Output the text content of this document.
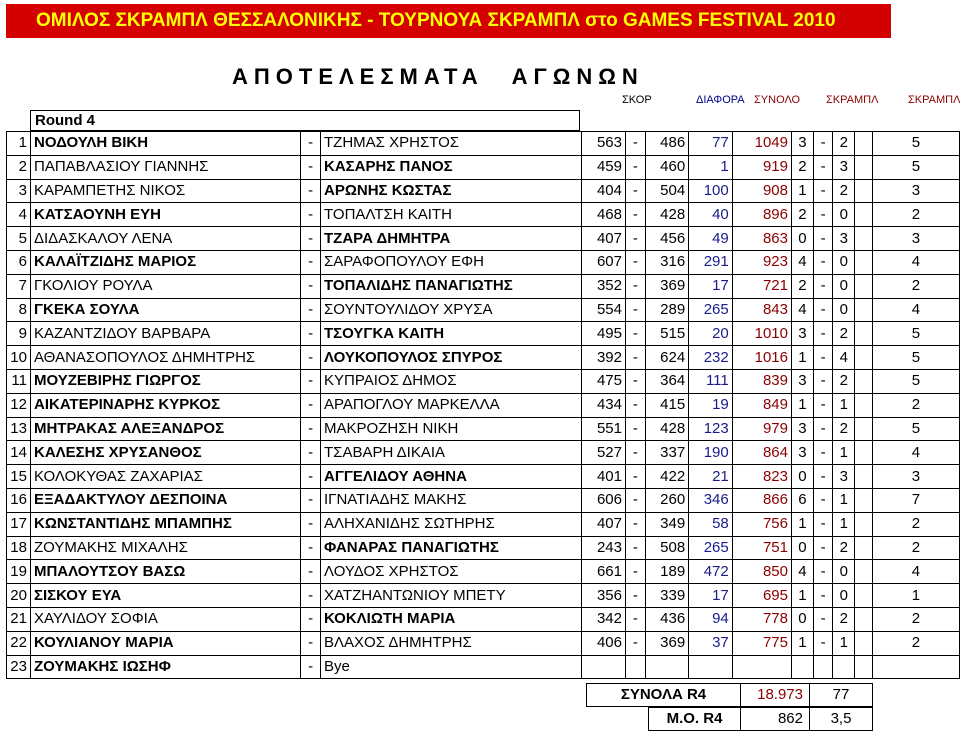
ΟΜΙΛΟΣ ΣΚΡΑΜΠΛ ΘΕΣΣΑΛΟΝΙΚΗΣ - ΤΟΥΡΝΟΥΑ ΣΚΡΑΜΠΛ στο GAMES FESTIVAL 2010
ΑΠΟΤΕΛΕΣΜΑΤΑ ΑΓΩΝΩΝ
ΣΚΟΡ	ΔΙΑΦΟΡΑ ΣΥΝΟΛΟ ΣΚΡΑΜΠΛ	ΣΚΡΑΜΠΛ
Round 4
1	ΝΟΔΟΥΛΗ ΒΙΚΗ	-	ΤΖΗΜΑΣ ΧΡΗΣΤΟΣ	563	-	486	77	1049	3	-	2		5
2	ΠΑΠΑΒΛΑΣΙΟΥ ΓΙΑΝΝΗΣ	-	ΚΑΣΑΡΗΣ ΠΑΝΟΣ	459	-	460	1	919	2	-	3		5
3	ΚΑΡΑΜΠΕΤΗΣ ΝΙΚΟΣ	-	ΑΡΩΝΗΣ ΚΩΣΤΑΣ	404	-	504	100	908	1	-	2		3
4	ΚΑΤΣΑΟΥΝΗ ΕΥΗ	-	ΤΟΠΑΛΤΣΗ ΚΑΙΤΗ	468	-	428	40	896	2	-	0		2
5	ΔΙΔΑΣΚΑΛΟΥ ΛΕΝΑ	-	ΤΖΑΡΑ ΔΗΜΗΤΡΑ	407	-	456	49	863	0	-	3		3
6	ΚΑΛΑΪΤΖΙΔΗΣ ΜΑΡΙΟΣ	-	ΣΑΡΑΦΟΠΟΥΛΟΥ ΕΦΗ	607	-	316	291	923	4	-	0		4
7	ΓΚΟΛΙΟΥ ΡΟΥΛΑ	-	ΤΟΠΑΛΙΔΗΣ ΠΑΝΑΓΙΩΤΗΣ	352	-	369	17	721	2	-	0		2
8	ΓΚΕΚΑ ΣΟΥΛΑ	-	ΣΟΥΝΤΟΥΛΙΔΟΥ ΧΡΥΣΑ	554	-	289	265	843	4	-	0		4
9	ΚΑΖΑΝΤΖΙΔΟΥ ΒΑΡΒΑΡΑ	-	ΤΣΟΥΓΚΑ ΚΑΙΤΗ	495	-	515	20	1010	3	-	2		5
10	ΑΘΑΝΑΣΟΠΟΥΛΟΣ ΔΗΜΗΤΡΗΣ	-	ΛΟΥΚΟΠΟΥΛΟΣ ΣΠΥΡΟΣ	392	-	624	232	1016	1	-	4		5
11	ΜΟΥΖΕΒΙΡΗΣ ΓΙΩΡΓΟΣ	-	ΚΥΠΡΑΙΟΣ ΔΗΜΟΣ	475	-	364	111	839	3	-	2		5
12	ΑΙΚΑΤΕΡΙΝΑΡΗΣ ΚΥΡΚΟΣ	-	ΑΡΑΠΟΓΛΟΥ ΜΑΡΚΕΛΛΑ	434	-	415	19	849	1	-	1		2
13	ΜΗΤΡΑΚΑΣ ΑΛΕΞΑΝΔΡΟΣ	-	ΜΑΚΡΟΖΗΣΗ ΝΙΚΗ	551	-	428	123	979	3	-	2		5
14	ΚΑΛΕΣΗΣ ΧΡΥΣΑΝΘΟΣ	-	ΤΣΑΒΑΡΗ ΔΙΚΑΙΑ	527	-	337	190	864	3	-	1		4
15	ΚΟΛΟΚΥΘΑΣ ΖΑΧΑΡΙΑΣ	-	ΑΓΓΕΛΙΔΟΥ ΑΘΗΝΑ	401	-	422	21	823	0	-	3		3
16	ΕΞΑΔΑΚΤΥΛΟΥ ΔΕΣΠΟΙΝΑ	-	ΙΓΝΑΤΙΑΔΗΣ ΜΑΚΗΣ	606	-	260	346	866	6	-	1		7
17	ΚΩΝΣΤΑΝΤΙΔΗΣ ΜΠΑΜΠΗΣ	-	ΑΛΗΧΑΝΙΔΗΣ ΣΩΤΗΡΗΣ	407	-	349	58	756	1	-	1		2
18	ΖΟΥΜΑΚΗΣ ΜΙΧΑΛΗΣ	-	ΦΑΝΑΡΑΣ ΠΑΝΑΓΙΩΤΗΣ	243	-	508	265	751	0	-	2		2
19	ΜΠΑΛΟΥΤΣΟΥ ΒΑΣΩ	-	ΛΟΥΔΟΣ ΧΡΗΣΤΟΣ	661	-	189	472	850	4	-	0		4
20	ΣΙΣΚΟΥ ΕΥΑ	-	ΧΑΤΖΗΑΝΤΩΝΙΟΥ ΜΠΕΤΥ	356	-	339	17	695	1	-	0		1
21	ΧΑΥΛΙΔΟΥ ΣΟΦΙΑ	-	ΚΟΚΛΙΩΤΗ ΜΑΡΙΑ	342	-	436	94	778	0	-	2		2
22	ΚΟΥΛΙΑΝΟΥ ΜΑΡΙΑ	-	ΒΛΑΧΟΣ ΔΗΜΗΤΡΗΣ	406	-	369	37	775	1	-	1		2
23	ΖΟΥΜΑΚΗΣ ΙΩΣΗΦ	-	Bye										
ΣΥΝΟΛΑ R4	18.973	77
Μ.Ο. R4	862	3,5
